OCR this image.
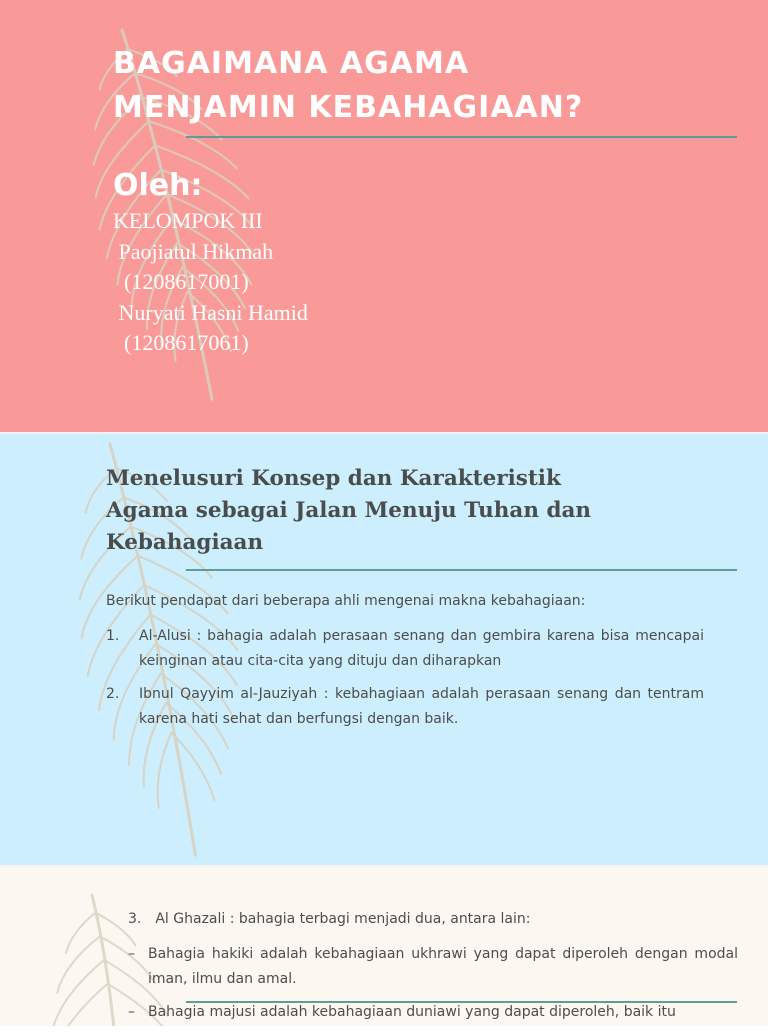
BAGAIMANA AGAMA
MENJAMIN KEBAHAGIAAN?
Oleh:
KELOMPOK III
Paojiatul Hikmah
(1208617001)
Nuryati Hasni Hamid
(1208617061)
Menelusuri Konsep dan Karakteristik
Agama sebagai Jalan Menuju Tuhan dan
Kebahagiaan

Berikut pendapat dari beberapa ahli mengenai makna kebahagiaan:

1. Al-Alusi : bahagia adalah perasaan senang dan gembira karena bisa mencapai keinginan atau cita-cita yang dituju dan diharapkan
2. Ibnul Qayyim al-Jauziyah : kebahagiaan adalah perasaan senang dan tentram karena hati sehat dan berfungsi dengan baik.

3. Al Ghazali : bahagia terbagi menjadi dua, antara lain:

– Bahagia hakiki adalah kebahagiaan ukhrawi yang dapat diperoleh dengan modal iman, ilmu dan amal.
– Bahagia majusi adalah kebahagiaan duniawi yang dapat diperoleh, baik itu
